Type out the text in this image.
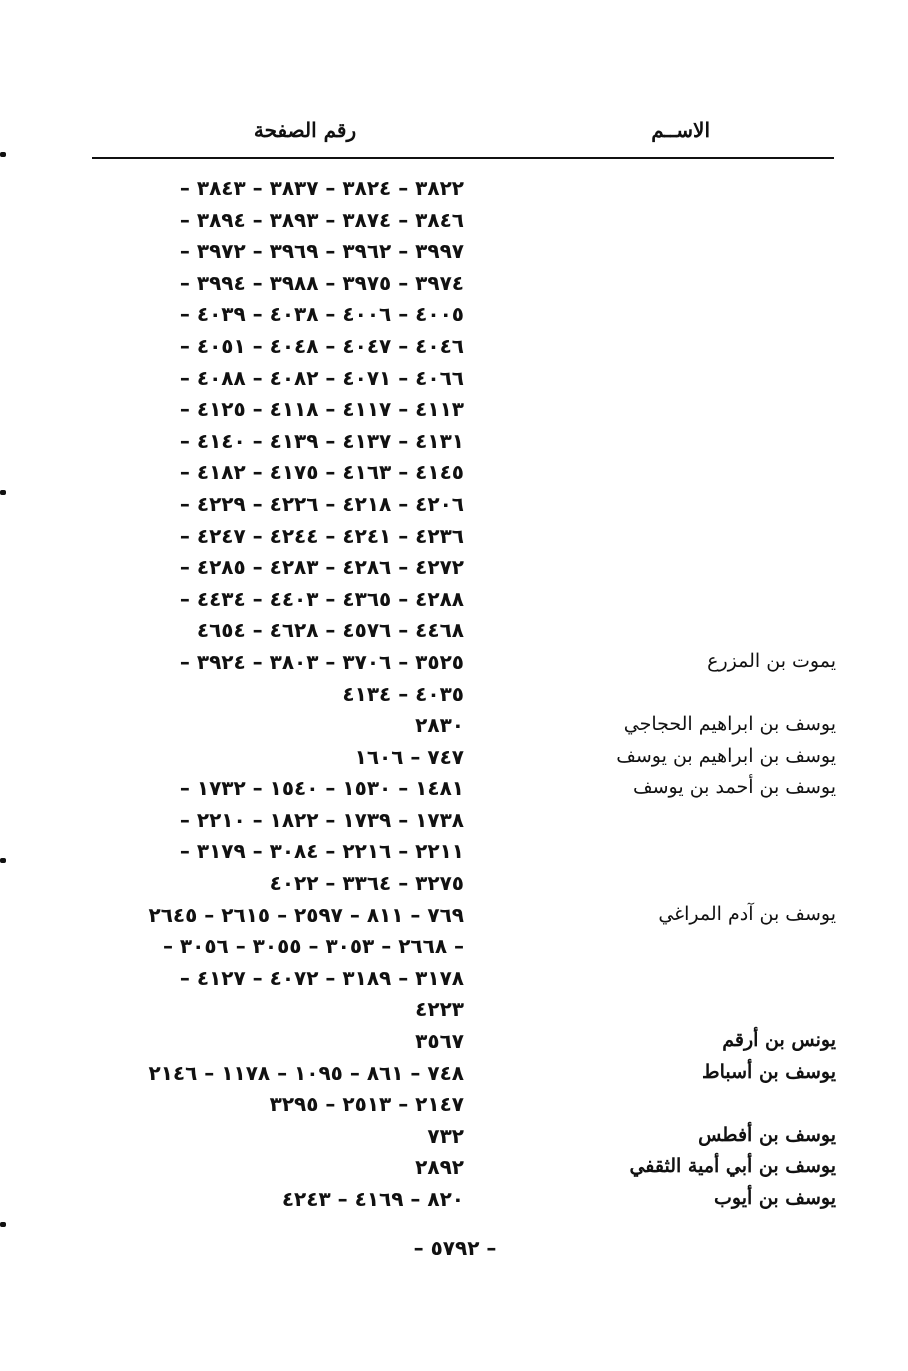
الاســم
رقم الصفحة
٣٨٢٢ – ٣٨٢٤ – ٣٨٣٧ – ٣٨٤٣ –
٣٨٤٦ – ٣٨٧٤ – ٣٨٩٣ – ٣٨٩٤ –
٣٩٩٧ – ٣٩٦٢ – ٣٩٦٩ – ٣٩٧٢ –
٣٩٧٤ – ٣٩٧٥ – ٣٩٨٨ – ٣٩٩٤ –
٤٠٠٥ – ٤٠٠٦ – ٤٠٣٨ – ٤٠٣٩ –
٤٠٤٦ – ٤٠٤٧ – ٤٠٤٨ – ٤٠٥١ –
٤٠٦٦ – ٤٠٧١ – ٤٠٨٢ – ٤٠٨٨ –
٤١١٣ – ٤١١٧ – ٤١١٨ – ٤١٢٥ –
٤١٣١ – ٤١٣٧ – ٤١٣٩ – ٤١٤٠ –
٤١٤٥ – ٤١٦٣ – ٤١٧٥ – ٤١٨٢ –
٤٢٠٦ – ٤٢١٨ – ٤٢٢٦ – ٤٢٢٩ –
٤٢٣٦ – ٤٢٤١ – ٤٢٤٤ – ٤٢٤٧ –
٤٢٧٢ – ٤٢٨٦ – ٤٢٨٣ – ٤٢٨٥ –
٤٢٨٨ – ٤٣٦٥ – ٤٤٠٣ – ٤٤٣٤ –
٤٤٦٨ – ٤٥٧٦ – ٤٦٢٨ – ٤٦٥٤
يموت بن المزرع
٣٥٢٥ – ٣٧٠٦ – ٣٨٠٣ – ٣٩٢٤ –
٤٠٣٥ – ٤١٣٤
يوسف بن ابراهيم الحجاجي
٢٨٣٠
يوسف بن ابراهيم بن يوسف
٧٤٧ – ١٦٠٦
يوسف بن أحمد بن يوسف
١٤٨١ – ١٥٣٠ – ١٥٤٠ – ١٧٣٢ –
١٧٣٨ – ١٧٣٩ – ١٨٢٢ – ٢٢١٠ –
٢٢١١ – ٢٢١٦ – ٣٠٨٤ – ٣١٧٩ –
٣٢٧٥ – ٣٣٦٤ – ٤٠٢٢
يوسف بن آدم المراغي
٧٦٩ – ٨١١ – ٢٥٩٧ – ٢٦١٥ – ٢٦٤٥
– ٢٦٦٨ – ٣٠٥٣ – ٣٠٥٥ – ٣٠٥٦ –
٣١٧٨ – ٣١٨٩ – ٤٠٧٢ – ٤١٢٧ –
٤٢٢٣
يونس بن أرقم
٣٥٦٧
يوسف بن أسباط
٧٤٨ – ٨٦١ – ١٠٩٥ – ١١٧٨ – ٢١٤٦
٢١٤٧ – ٢٥١٣ – ٣٢٩٥
يوسف بن أفطس
٧٣٢
يوسف بن أبي أمية الثقفي
٢٨٩٢
يوسف بن أيوب
٨٢٠ – ٤١٦٩ – ٤٢٤٣
– ٥٧٩٢ –
